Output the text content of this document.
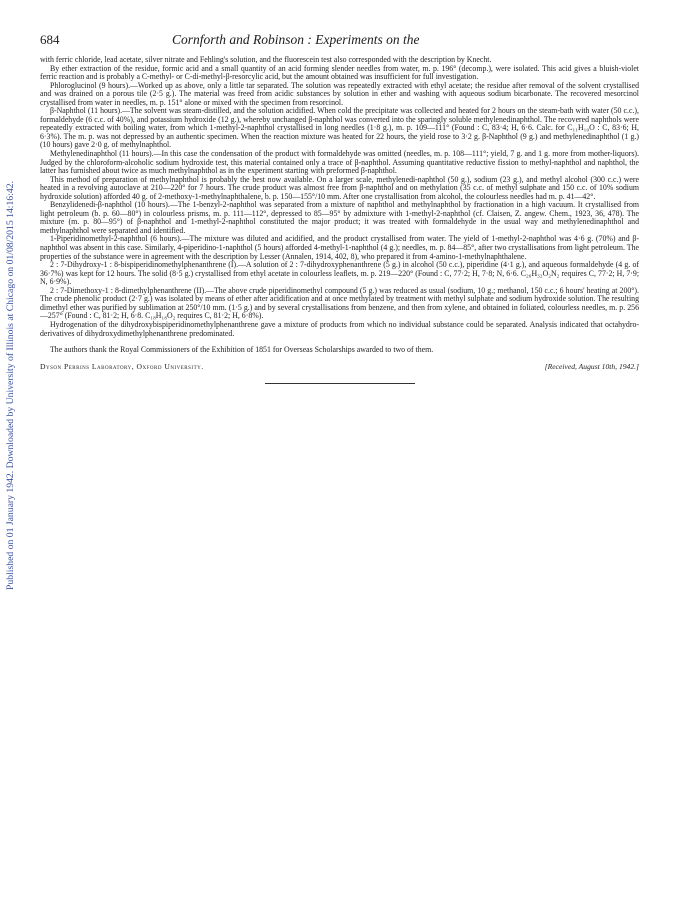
Published on 01 January 1942. Downloaded by University of Illinois at Chicago on 01/08/2015 14:16:42.
684	Cornforth and Robinson : Experiments on the

with ferric chloride, lead acetate, silver nitrate and Fehling's solution, and the fluorescein test also corresponded with the description by Knecht.

By ether extraction of the residue, formic acid and a small quantity of an acid forming slender needles from water, m. p. 196° (decomp.), were isolated. This acid gives a bluish-violet ferric reaction and is probably a C-methyl- or C-di-methyl-β-resorcylic acid, but the amount obtained was insufficient for full investigation.

Phloroglucinol (9 hours).—Worked up as above, only a little tar separated. The solution was repeatedly extracted with ethyl acetate; the residue after removal of the solvent crystallised and was drained on a porous tile (2·5 g.). The material was freed from acidic substances by solution in ether and washing with aqueous sodium bicarbonate. The recovered mesorcinol crystallised from water in needles, m. p. 151° alone or mixed with the specimen from resorcinol.

β-Naphthol (11 hours).—The solvent was steam-distilled, and the solution acidified. When cold the precipitate was collected and heated for 2 hours on the steam-bath with water (50 c.c.), formaldehyde (6 c.c. of 40%), and potassium hydroxide (12 g.), whereby unchanged β-naphthol was converted into the sparingly soluble methylenedinaphthol. The recovered naphthols were repeatedly extracted with boiling water, from which 1-methyl-2-naphthol crystallised in long needles (1·8 g.), m. p. 109—111° (Found : C, 83·4; H, 6·6. Calc. for C₁₁H₁₀O : C, 83·6; H, 6·3%). The m. p. was not depressed by an authentic specimen. When the reaction mixture was heated for 22 hours, the yield rose to 3·2 g. β-Naphthol (9 g.) and methylenedinaphthol (1 g.) (10 hours) gave 2·0 g. of methylnaphthol.

Methylenedinaphthol (11 hours).—In this case the condensation of the product with formaldehyde was omitted (needles, m. p. 108—111°; yield, 7 g. and 1 g. more from mother-liquors). Judged by the chloroform-alcoholic sodium hydroxide test, this material contained only a trace of β-naphthol. Assuming quantitative reductive fission to methyl-naphthol and naphthol, the latter has furnished about twice as much methylnaphthol as in the experiment starting with preformed β-naphthol.

This method of preparation of methylnaphthol is probably the best now available. On a larger scale, methylenedi-naphthol (50 g.), sodium (23 g.), and methyl alcohol (300 c.c.) were heated in a revolving autoclave at 210—220° for 7 hours. The crude product was almost free from β-naphthol and on methylation (35 c.c. of methyl sulphate and 150 c.c. of 10% sodium hydroxide solution) afforded 40 g. of 2-methoxy-1-methylnaphthalene, b. p. 150—155°/10 mm. After one crystallisation from alcohol, the colourless needles had m. p. 41—42°.

Benzylidenedi-β-naphthol (10 hours).—The 1-benzyl-2-naphthol was separated from a mixture of naphthol and methylnaphthol by fractionation in a high vacuum. It crystallised from light petroleum (b. p. 60—80°) in colourless prisms, m. p. 111—112°, depressed to 85—95° by admixture with 1-methyl-2-naphthol (cf. Claisen, Z. angew. Chem., 1923, 36, 478). The mixture (m. p. 80—95°) of β-naphthol and 1-methyl-2-naphthol constituted the major product; it was treated with formaldehyde in the usual way and methylenedinaphthol and methylnaphthol were separated and identified.

1-Piperidinomethyl-2-naphthol (6 hours).—The mixture was diluted and acidified, and the product crystallised from water. The yield of 1-methyl-2-naphthol was 4·6 g. (70%) and β-naphthol was absent in this case. Similarly, 4-piperidino-1-naphthol (5 hours) afforded 4-methyl-1-naphthol (4 g.); needles, m. p. 84—85°, after two crystallisations from light petroleum. The properties of the substance were in agreement with the description by Lesser (Annalen, 1914, 402, 8), who prepared it from 4-amino-1-methylnaphthalene.

2 : 7-Dihydroxy-1 : 8-bispiperidinomethylphenanthrene (I).—A solution of 2 : 7-dihydroxyphenanthrene (5 g.) in alcohol (50 c.c.), piperidine (4·1 g.), and aqueous formaldehyde (4 g. of 36·7%) was kept for 12 hours. The solid (8·5 g.) crystallised from ethyl acetate in colourless leaflets, m. p. 219—220° (Found : C, 77·2; H, 7·8; N, 6·6. C₂₆H₃₂O₂N₂ requires C, 77·2; H, 7·9; N, 6·9%).

2 : 7-Dimethoxy-1 : 8-dimethylphenanthrene (II).—The above crude piperidinomethyl compound (5 g.) was reduced as usual (sodium, 10 g.; methanol, 150 c.c.; 6 hours' heating at 200°). The crude phenolic product (2·7 g.) was isolated by means of ether after acidification and at once methylated by treatment with methyl sulphate and sodium hydroxide solution. The resulting dimethyl ether was purified by sublimation at 250°/10 mm. (1·5 g.) and by several crystallisations from benzene, and then from xylene, and obtained in foliated, colourless needles, m. p. 256—257° (Found : C, 81·2; H, 6·8. C₁₈H₁₈O₂ requires C, 81·2; H, 6·8%).

Hydrogenation of the dihydroxybispiperidinomethylphenanthrene gave a mixture of products from which no individual substance could be separated. Analysis indicated that octahydro-derivatives of dihydroxydimethylphenanthrene predominated.

The authors thank the Royal Commissioners of the Exhibition of 1851 for Overseas Scholarships awarded to two of them.

Dyson Perrins Laboratory, Oxford University.	[Received, August 10th, 1942.]
